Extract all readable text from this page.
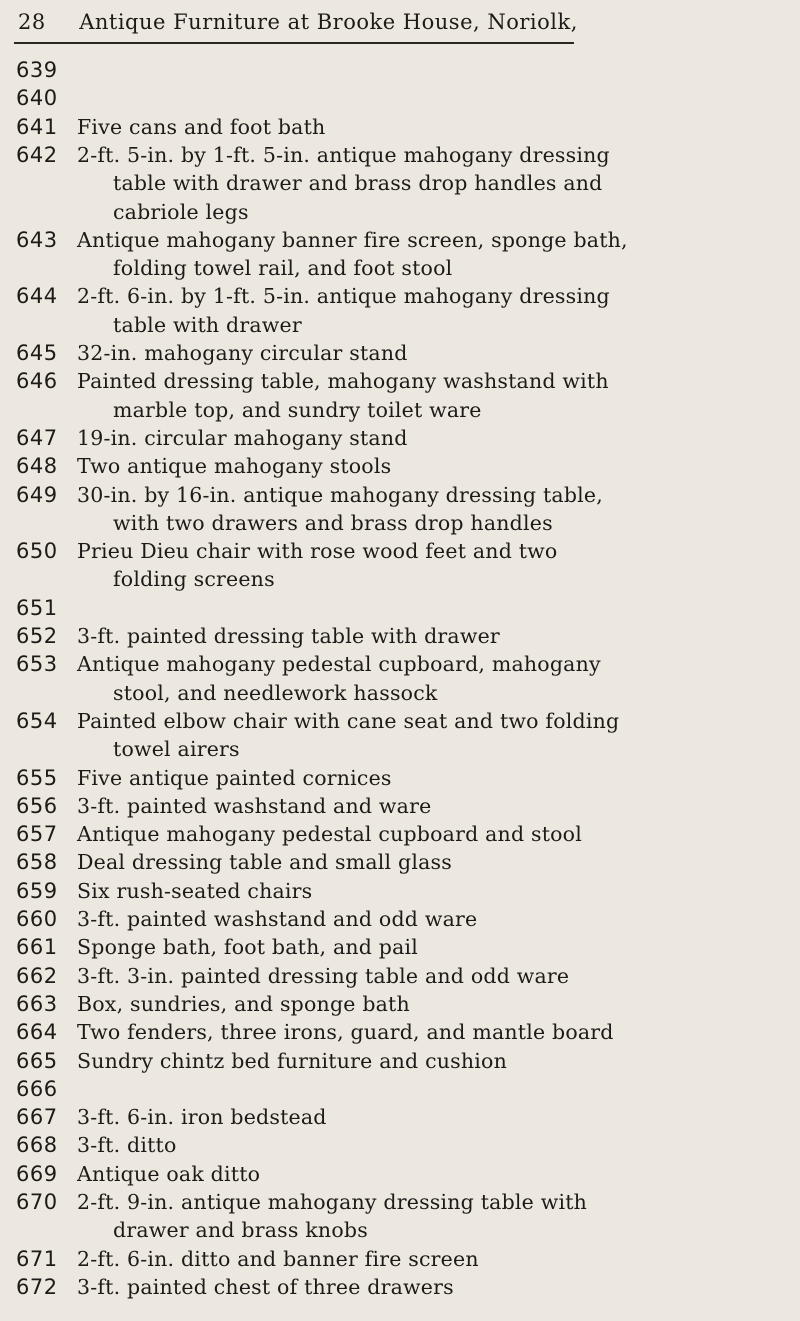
28 Antique Furniture at Brooke House, Noriolk,
639
640
641 Five cans and foot bath
642 2-ft. 5-in. by 1-ft. 5-in. antique mahogany dressing
table with drawer and brass drop handles and
cabriole legs
643 Antique mahogany banner fire screen, sponge bath,
folding towel rail, and foot stool
644 2-ft. 6-in. by 1-ft. 5-in. antique mahogany dressing
table with drawer
645 32-in. mahogany circular stand
646 Painted dressing table, mahogany washstand with
marble top, and sundry toilet ware
647 19-in. circular mahogany stand
648 Two antique mahogany stools
649 30-in. by 16-in. antique mahogany dressing table,
with two drawers and brass drop handles
650 Prieu Dieu chair with rose wood feet and two
folding screens
651
652 3-ft. painted dressing table with drawer
653 Antique mahogany pedestal cupboard, mahogany
stool, and needlework hassock
654 Painted elbow chair with cane seat and two folding
towel airers
655 Five antique painted cornices
656 3-ft. painted washstand and ware
657 Antique mahogany pedestal cupboard and stool
658 Deal dressing table and small glass
659 Six rush-seated chairs
660 3-ft. painted washstand and odd ware
661 Sponge bath, foot bath, and pail
662 3-ft. 3-in. painted dressing table and odd ware
663 Box, sundries, and sponge bath
664 Two fenders, three irons, guard, and mantle board
665 Sundry chintz bed furniture and cushion
666
667 3-ft. 6-in. iron bedstead
668 3-ft. ditto
669 Antique oak ditto
670 2-ft. 9-in. antique mahogany dressing table with
drawer and brass knobs
671 2-ft. 6-in. ditto and banner fire screen
672 3-ft. painted chest of three drawers
